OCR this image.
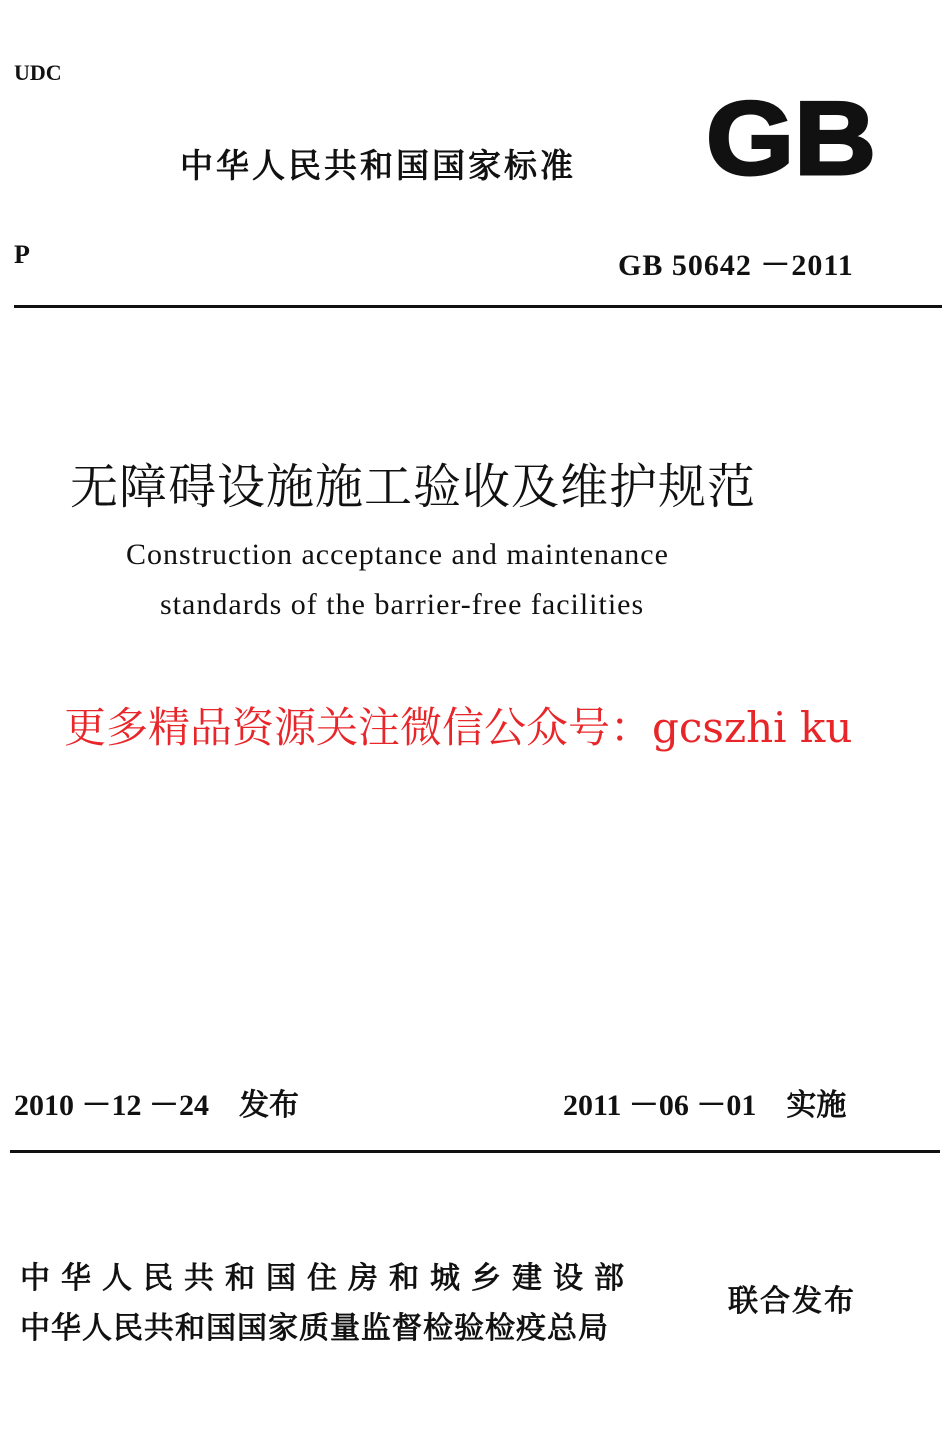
UDC
中华人民共和国国家标准 GB
P	GB 50642 －2011
无障碍设施施工验收及维护规范
Construction acceptance and maintenance
standards of the barrier-free facilities
更多精品资源关注微信公众号：gcszhi ku
2010 －12 －24 发布	2011 －06 －01 实施
中华人民共和国住房和城乡建设部
中华人民共和国国家质量监督检验检疫总局
联合发布
